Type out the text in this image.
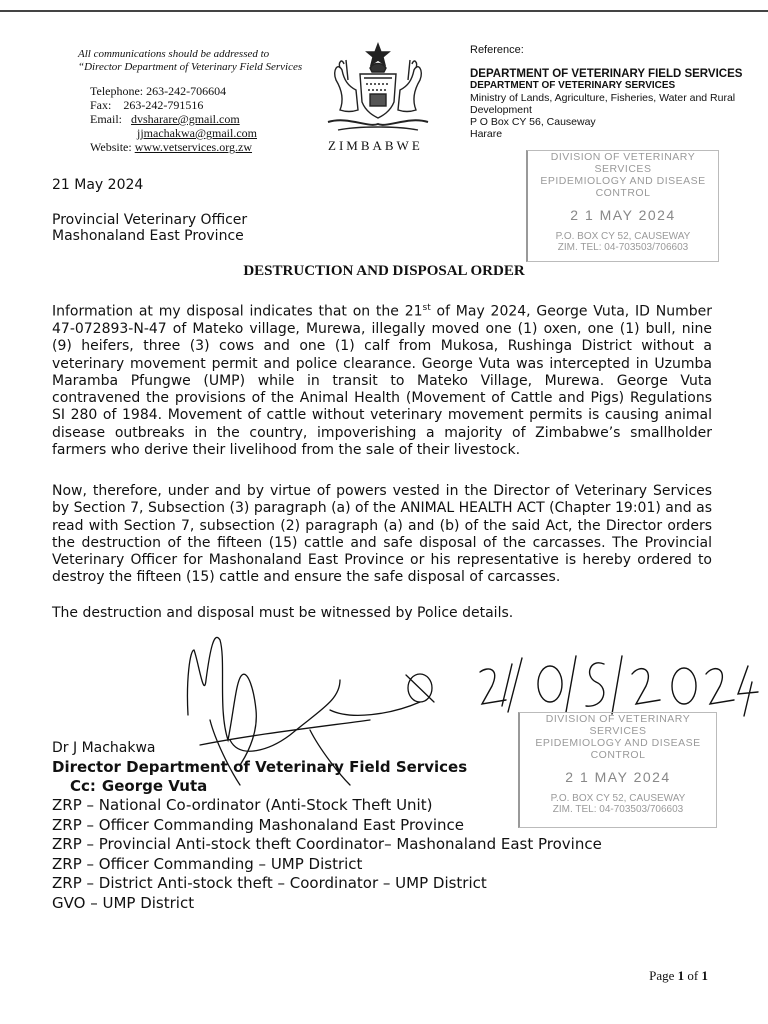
All communications should be addressed to
“Director Department of Veterinary Field Services
Telephone: 263-242-706604
Fax: 263-242-791516
Email: dvsharare@gmail.com
jjmachakwa@gmail.com
Website: www.vetservices.org.zw	ZIMBABWE
Reference:
DEPARTMENT OF VETERINARY FIELD SERVICES
DEPARTMENT OF VETERINARY SERVICES
Ministry of Lands, Agriculture, Fisheries, Water and Rural
Development
P O Box CY 56, Causeway
Harare
DIVISION OF VETERINARY SERVICES
EPIDEMIOLOGY AND DISEASE
CONTROL
2 1 MAY 2024
P.O. BOX CY 52, CAUSEWAY
ZIM. TEL: 04-703503/706603
21 May 2024
Provincial Veterinary Officer
Mashonaland East Province
DESTRUCTION AND DISPOSAL ORDER
Information at my disposal indicates that on the 21st of May 2024, George Vuta, ID Number 47-072893-N-47 of Mateko village, Murewa, illegally moved one (1) oxen, one (1) bull, nine (9) heifers, three (3) cows and one (1) calf from Mukosa, Rushinga District without a veterinary movement permit and police clearance. George Vuta was intercepted in Uzumba Maramba Pfungwe (UMP) while in transit to Mateko Village, Murewa. George Vuta contravened the provisions of the Animal Health (Movement of Cattle and Pigs) Regulations SI 280 of 1984. Movement of cattle without veterinary movement permits is causing animal disease outbreaks in the country, impoverishing a majority of Zimbabwe’s smallholder farmers who derive their livelihood from the sale of their livestock.
Now, therefore, under and by virtue of powers vested in the Director of Veterinary Services by Section 7, Subsection (3) paragraph (a) of the ANIMAL HEALTH ACT (Chapter 19:01) and as read with Section 7, subsection (2) paragraph (a) and (b) of the said Act, the Director orders the destruction of the fifteen (15) cattle and safe disposal of the carcasses. The Provincial Veterinary Officer for Mashonaland East Province or his representative is hereby ordered to destroy the fifteen (15) cattle and ensure the safe disposal of carcasses.
The destruction and disposal must be witnessed by Police details.
DIVISION OF VETERINARY SERVICES
EPIDEMIOLOGY AND DISEASE
CONTROL
2 1 MAY 2024
P.O. BOX CY 52, CAUSEWAY
ZIM. TEL: 04-703503/706603
Dr J Machakwa
Director Department of Veterinary Field Services
Cc: George Vuta
ZRP – National Co-ordinator (Anti-Stock Theft Unit)
ZRP – Officer Commanding Mashonaland East Province
ZRP – Provincial Anti-stock theft Coordinator– Mashonaland East Province
ZRP – Officer Commanding – UMP District
ZRP – District Anti-stock theft – Coordinator – UMP District
GVO – UMP District
Page 1 of 1
